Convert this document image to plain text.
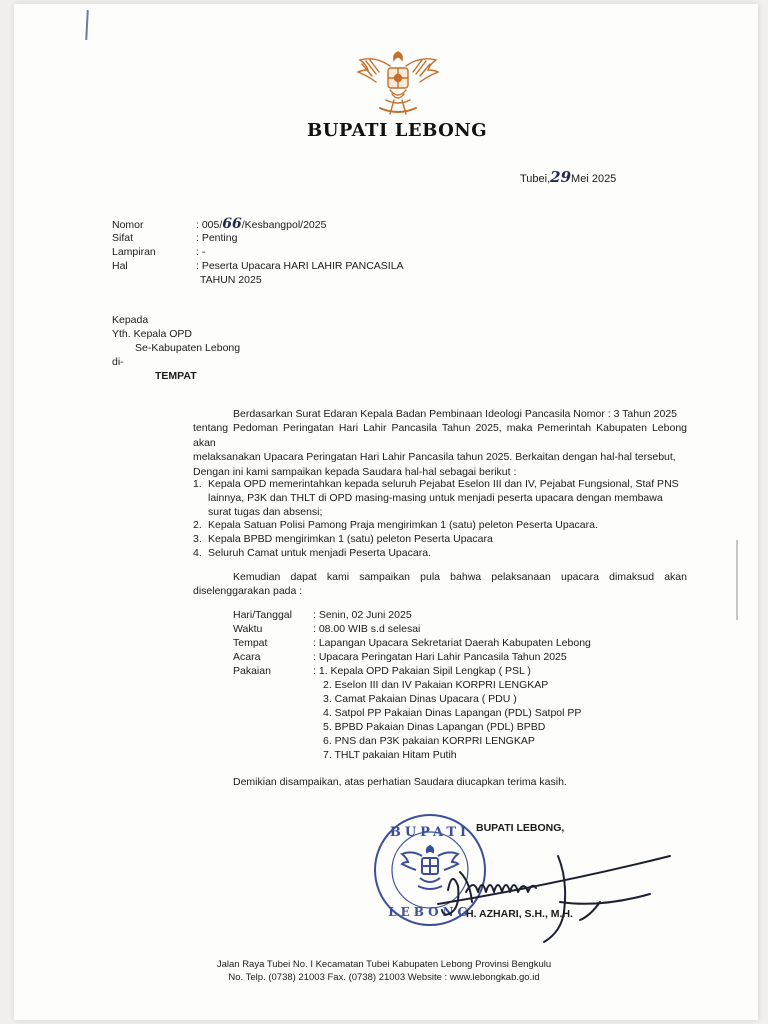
BUPATI LEBONG
Tubei,29Mei 2025
Nomor	: 005/66/Kesbangpol/2025
Sifat	: Penting
Lampiran	: -
Hal	: Peserta Upacara HARI LAHIR PANCASILA
TAHUN 2025
Kepada
Yth. Kepala OPD
Se-Kabupaten Lebong
di-
TEMPAT
Berdasarkan Surat Edaran Kepala Badan Pembinaan Ideologi Pancasila Nomor : 3 Tahun 2025
tentang Pedoman Peringatan Hari Lahir Pancasila Tahun 2025, maka Pemerintah Kabupaten Lebong akan
melaksanakan Upacara Peringatan Hari Lahir Pancasila tahun 2025. Berkaitan dengan hal-hal tersebut,
Dengan ini kami sampaikan kepada Saudara hal-hal sebagai berikut :
1. Kepala OPD memerintahkan kepada seluruh Pejabat Eselon III dan IV, Pejabat Fungsional, Staf PNS
lainnya, P3K dan THLT di OPD masing-masing untuk menjadi peserta upacara dengan membawa
surat tugas dan absensi;
2. Kepala Satuan Polisi Pamong Praja mengirimkan 1 (satu) peleton Peserta Upacara.
3. Kepala BPBD mengirimkan 1 (satu) peleton Peserta Upacara
4. Seluruh Camat untuk menjadi Peserta Upacara.
Kemudian dapat kami sampaikan pula bahwa pelaksanaan upacara dimaksud akan
diselenggarakan pada :
Hari/Tanggal : Senin, 02 Juni 2025
Waktu	: 08.00 WIB s.d selesai
Tempat	: Lapangan Upacara Sekretariat Daerah Kabupaten Lebong
Acara	: Upacara Peringatan Hari Lahir Pancasila Tahun 2025
Pakaian	: 1. Kepala OPD Pakaian Sipil Lengkap ( PSL )
2. Eselon III dan IV Pakaian KORPRI LENGKAP
3. Camat Pakaian Dinas Upacara ( PDU )
4. Satpol PP Pakaian Dinas Lapangan (PDL) Satpol PP
5. BPBD Pakaian Dinas Lapangan (PDL) BPBD
6. PNS dan P3K pakaian KORPRI LENGKAP
7. THLT pakaian Hitam Putih
Demikian disampaikan, atas perhatian Saudara diucapkan terima kasih.
BUPATI LEBONG,
BUPATI
LEBONG
H. AZHARI, S.H., M.H.
Jalan Raya Tubei No. I Kecamatan Tubei Kabupaten Lebong Provinsi Bengkulu
No. Telp. (0738) 21003 Fax. (0738) 21003 Website : www.lebongkab.go.id
